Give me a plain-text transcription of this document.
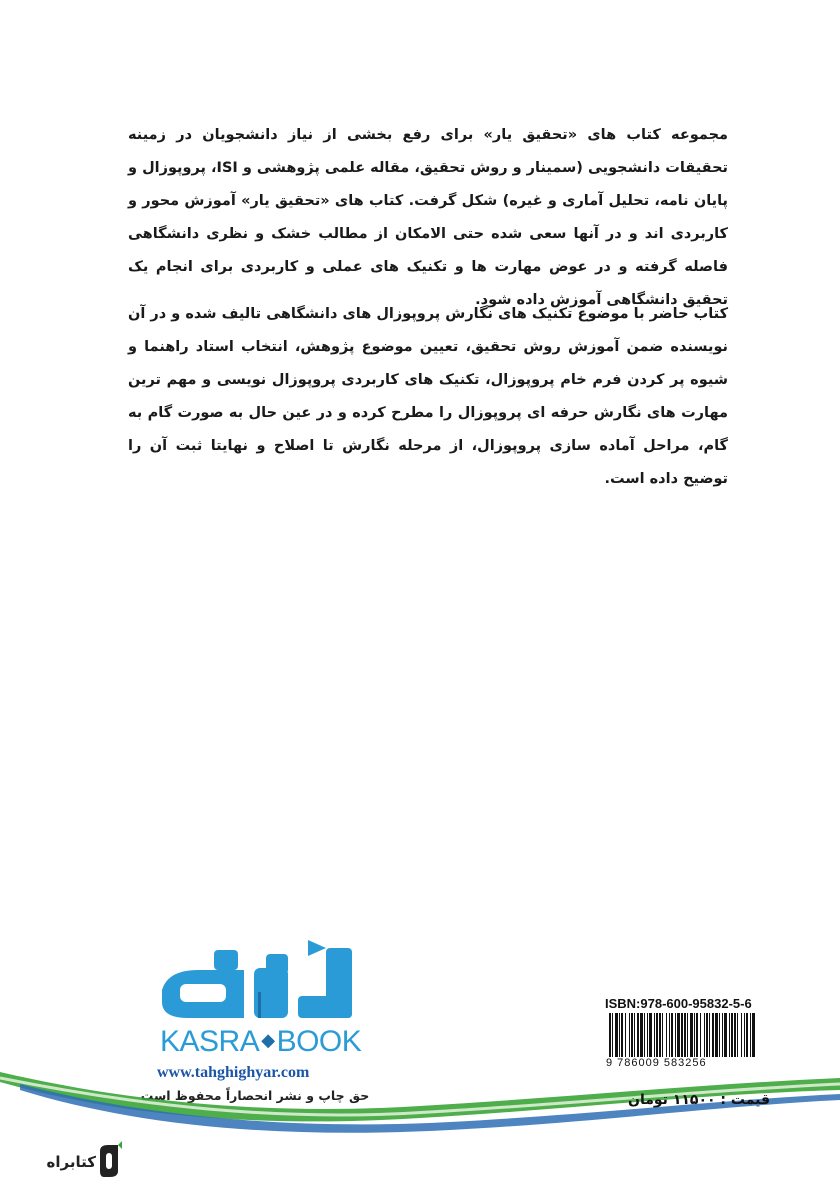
مجموعه کتاب های «تحقیق یار» برای رفع بخشی از نیاز دانشجویان در زمینه تحقیقات دانشجویی (سمینار و روش تحقیق، مقاله علمی پژوهشی و ISI، پروپوزال و پایان نامه، تحلیل آماری و غیره) شکل گرفت. کتاب های «تحقیق یار» آموزش محور و کاربردی اند و در آنها سعی شده حتی الامکان از مطالب خشک و نظری دانشگاهی فاصله گرفته و در عوض مهارت ها و تکنیک های عملی و کاربردی برای انجام یک تحقیق دانشگاهی آموزش داده شود.
کتاب حاضر با موضوع تکنیک های نگارش پروپوزال های دانشگاهی تالیف شده و در آن نویسنده ضمن آموزش روش تحقیق، تعیین موضوع پژوهش، انتخاب استاد راهنما و شیوه پر کردن فرم خام پروپوزال، تکنیک های کاربردی پروپوزال نویسی و مهم ترین مهارت های نگارش حرفه ای پروپوزال را مطرح کرده و در عین حال به صورت گام به گام، مراحل آماده سازی پروپوزال، از مرحله نگارش تا اصلاح و نهایتا ثبت آن را توضیح داده است.
KASRA ◆BOOK
www.tahghighyar.com
حق چاپ و نشر انحصاراً محفوظ است
ISBN:978-600-95832-5-6
9 786009 583256
قیمت : ۱۱۵۰۰ تومان
کتابراه
